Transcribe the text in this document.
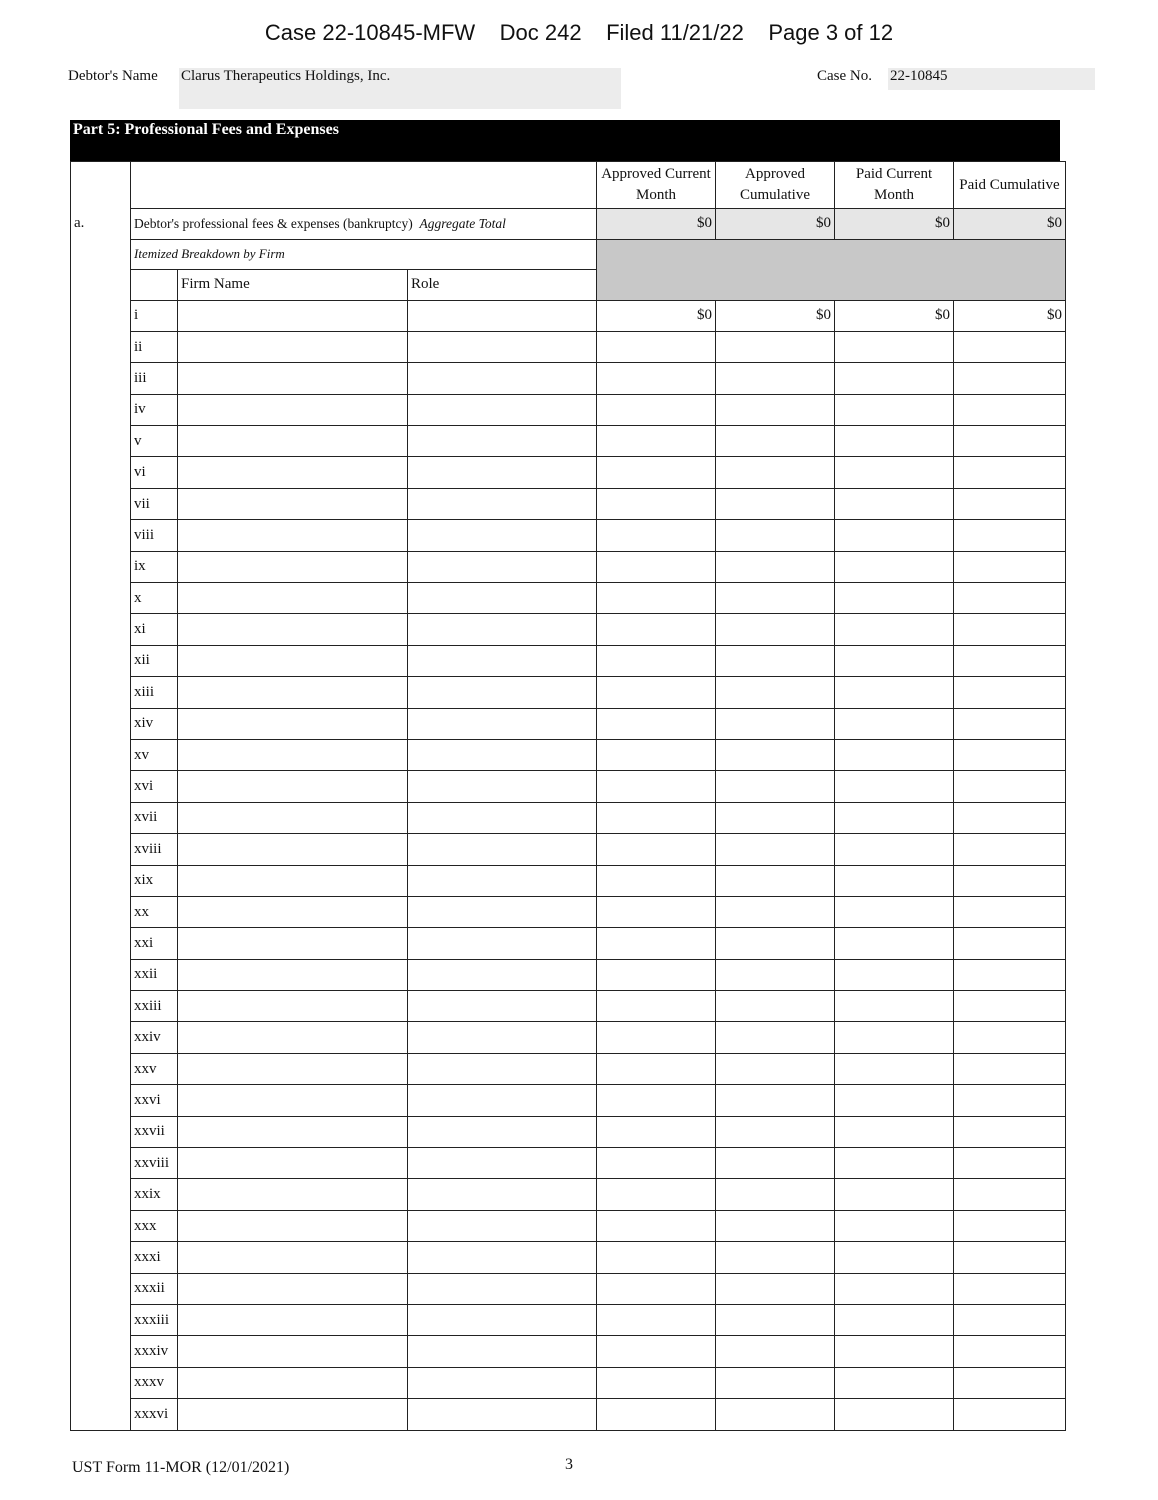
Case 22-10845-MFW Doc 242 Filed 11/21/22 Page 3 of 12
Debtor's Name Clarus Therapeutics Holdings, Inc.	Case No. 22-10845
Part 5: Professional Fees and Expenses
				Approved Current Month	Approved Cumulative	Paid Current Month	Paid Cumulative
a.	Debtor's professional fees & expenses (bankruptcy) Aggregate Total			$0	$0	$0	$0
	Itemized Breakdown by Firm						
		Firm Name	Role				
	i			$0	$0	$0	$0
	ii						
	iii						
	iv						
	v						
	vi						
	vii						
	viii						
	ix						
	x						
	xi						
	xii						
	xiii						
	xiv						
	xv						
	xvi						
	xvii						
	xviii						
	xix						
	xx						
	xxi						
	xxii						
	xxiii						
	xxiv						
	xxv						
	xxvi						
	xxvii						
	xxviii						
	xxix						
	xxx						
	xxxi						
	xxxii						
	xxxiii						
	xxxiv						
	xxxv						
	xxxvi						
UST Form 11-MOR (12/01/2021)	3
